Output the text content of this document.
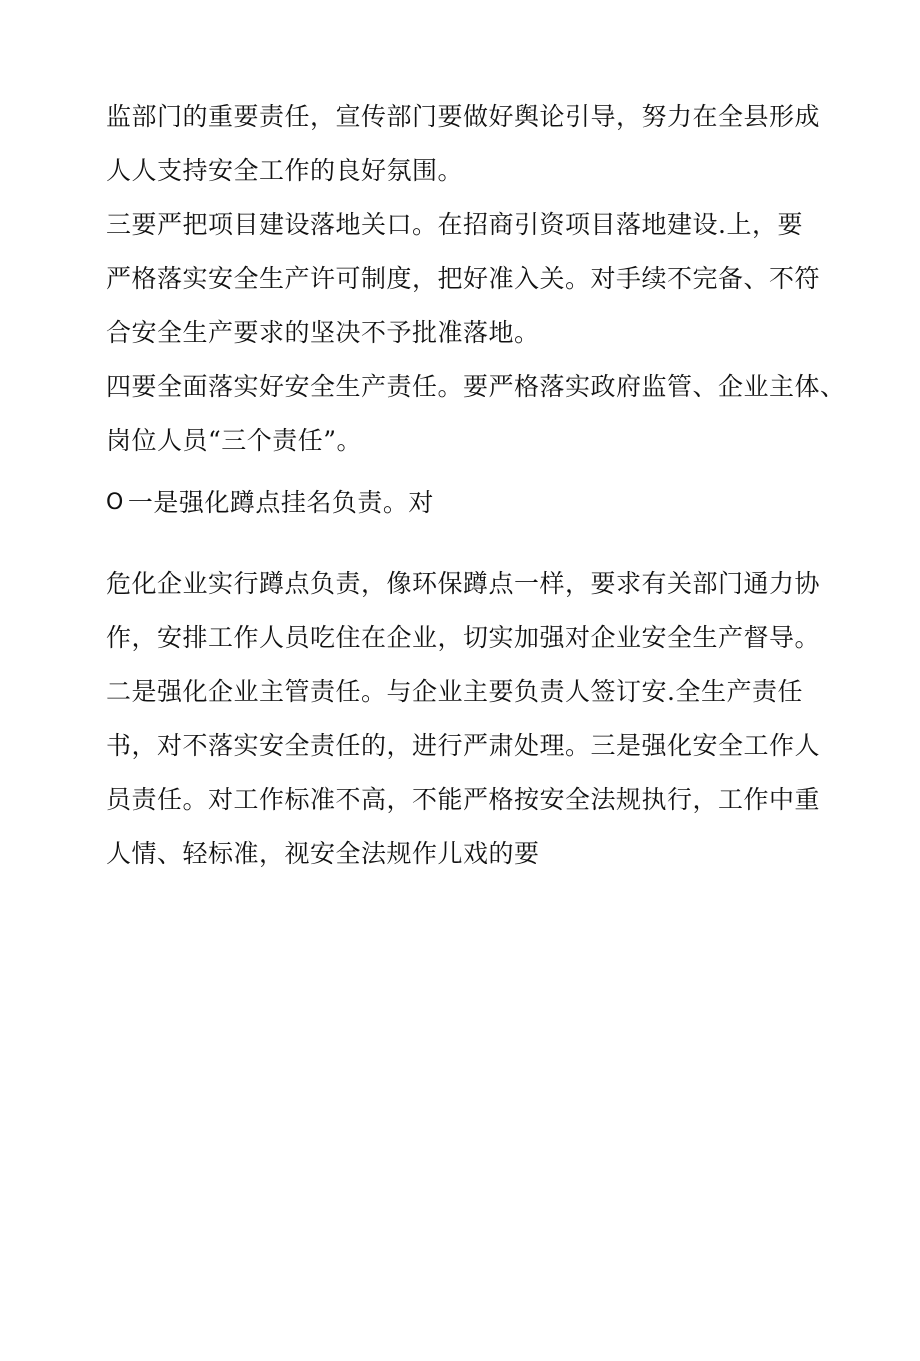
监部门的重要责任，宣传部门要做好舆论引导，努力在全县形成
人人支持安全工作的良好氛围。
三要严把项目建设落地关口。在招商引资项目落地建设.上，要
严格落实安全生产许可制度，把好准入关。对手续不完备、不符
合安全生产要求的坚决不予批准落地。
四要全面落实好安全生产责任。要严格落实政府监管、企业主体、
岗位人员“三个责任”。
O 一是强化蹲点挂名负责。对
危化企业实行蹲点负责，像环保蹲点一样，要求有关部门通力协
作，安排工作人员吃住在企业，切实加强对企业安全生产督导。
二是强化企业主管责任。与企业主要负责人签订安.全生产责任
书，对不落实安全责任的，进行严肃处理。三是强化安全工作人
员责任。对工作标准不高，不能严格按安全法规执行，工作中重
人情、轻标准，视安全法规作儿戏的要
